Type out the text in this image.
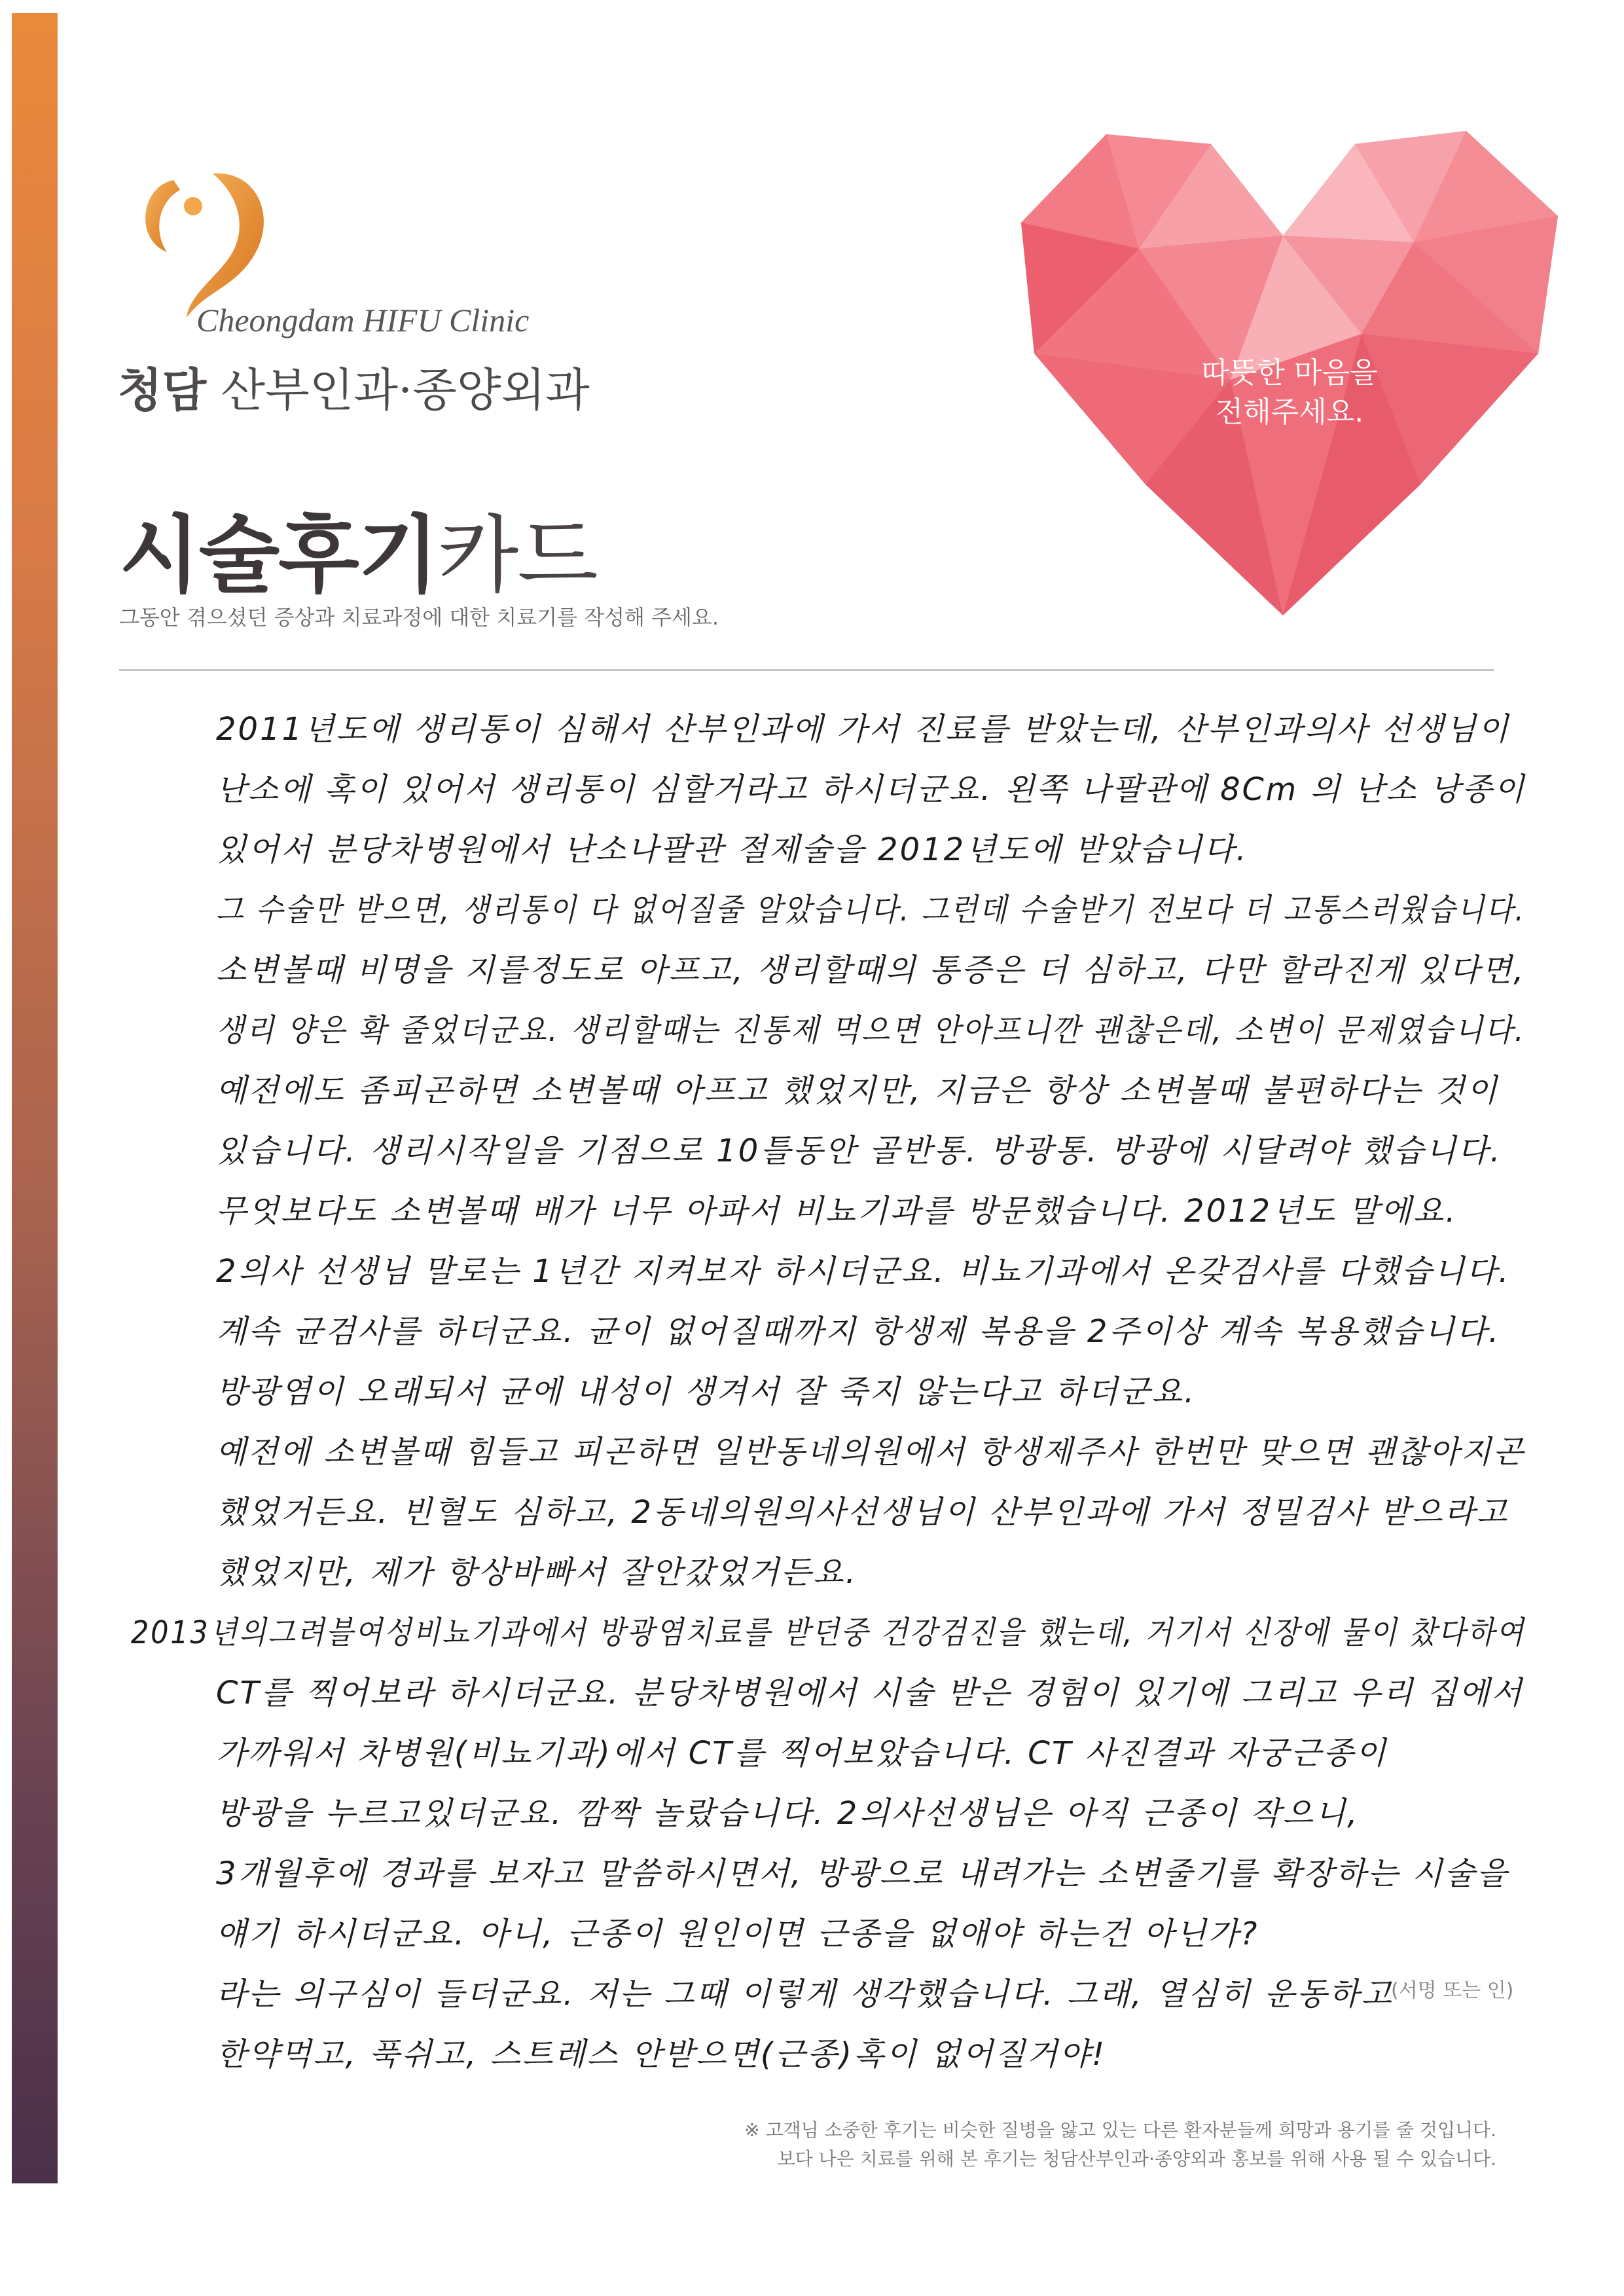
Cheongdam HIFU Clinic
청담 산부인과·종양외과
시술후기카드
그동안 겪으셨던 증상과 치료과정에 대한 치료기를 작성해 주세요.
따뜻한 마음을
전해주세요.
2011년도에 생리통이 심해서 산부인과에 가서 진료를 받았는데, 산부인과의사 선생님이
난소에 혹이 있어서 생리통이 심할거라고 하시더군요. 왼쪽 나팔관에 8Cm 의 난소 낭종이
있어서 분당차병원에서 난소나팔관 절제술을 2012년도에 받았습니다.
그 수술만 받으면, 생리통이 다 없어질줄 알았습니다. 그런데 수술받기 전보다 더 고통스러웠습니다.
소변볼때 비명을 지를정도로 아프고, 생리할때의 통증은 더 심하고, 다만 할라진게 있다면,
생리 양은 확 줄었더군요. 생리할때는 진통제 먹으면 안아프니깐 괜찮은데, 소변이 문제였습니다.
예전에도 좀피곤하면 소변볼때 아프고 했었지만, 지금은 항상 소변볼때 불편하다는 것이
있습니다. 생리시작일을 기점으로 10틀동안 골반통. 방광통. 방광에 시달려야 했습니다.
무엇보다도 소변볼때 배가 너무 아파서 비뇨기과를 방문했습니다. 2012년도 말에요.
2의사 선생님 말로는 1년간 지켜보자 하시더군요. 비뇨기과에서 온갖검사를 다했습니다.
계속 균검사를 하더군요. 균이 없어질때까지 항생제 복용을 2주이상 계속 복용했습니다.
방광염이 오래되서 균에 내성이 생겨서 잘 죽지 않는다고 하더군요.
예전에 소변볼때 힘들고 피곤하면 일반동네의원에서 항생제주사 한번만 맞으면 괜찮아지곤
했었거든요. 빈혈도 심하고, 2동네의원의사선생님이 산부인과에 가서 정밀검사 받으라고
했었지만, 제가 항상바빠서 잘안갔었거든요.
2013년의그려블여성비뇨기과에서 방광염치료를 받던중 건강검진을 했는데, 거기서 신장에 물이 찼다하여
CT를 찍어보라 하시더군요. 분당차병원에서 시술 받은 경험이 있기에 그리고 우리 집에서
가까워서 차병원(비뇨기과)에서 CT를 찍어보았습니다. CT 사진결과 자궁근종이
방광을 누르고있더군요. 깜짝 놀랐습니다. 2의사선생님은 아직 근종이 작으니,
3개월후에 경과를 보자고 말씀하시면서, 방광으로 내려가는 소변줄기를 확장하는 시술을
얘기 하시더군요. 아니, 근종이 원인이면 근종을 없애야 하는건 아닌가?
라는 의구심이 들더군요. 저는 그때 이렇게 생각했습니다. 그래, 열심히 운동하고
한약먹고, 푹쉬고, 스트레스 안받으면(근종)혹이 없어질거야!
(서명 또는 인)
※ 고객님 소중한 후기는 비슷한 질병을 앓고 있는 다른 환자분들께 희망과 용기를 줄 것입니다.
보다 나은 치료를 위해 본 후기는 청담산부인과·종양외과 홍보를 위해 사용 될 수 있습니다.
